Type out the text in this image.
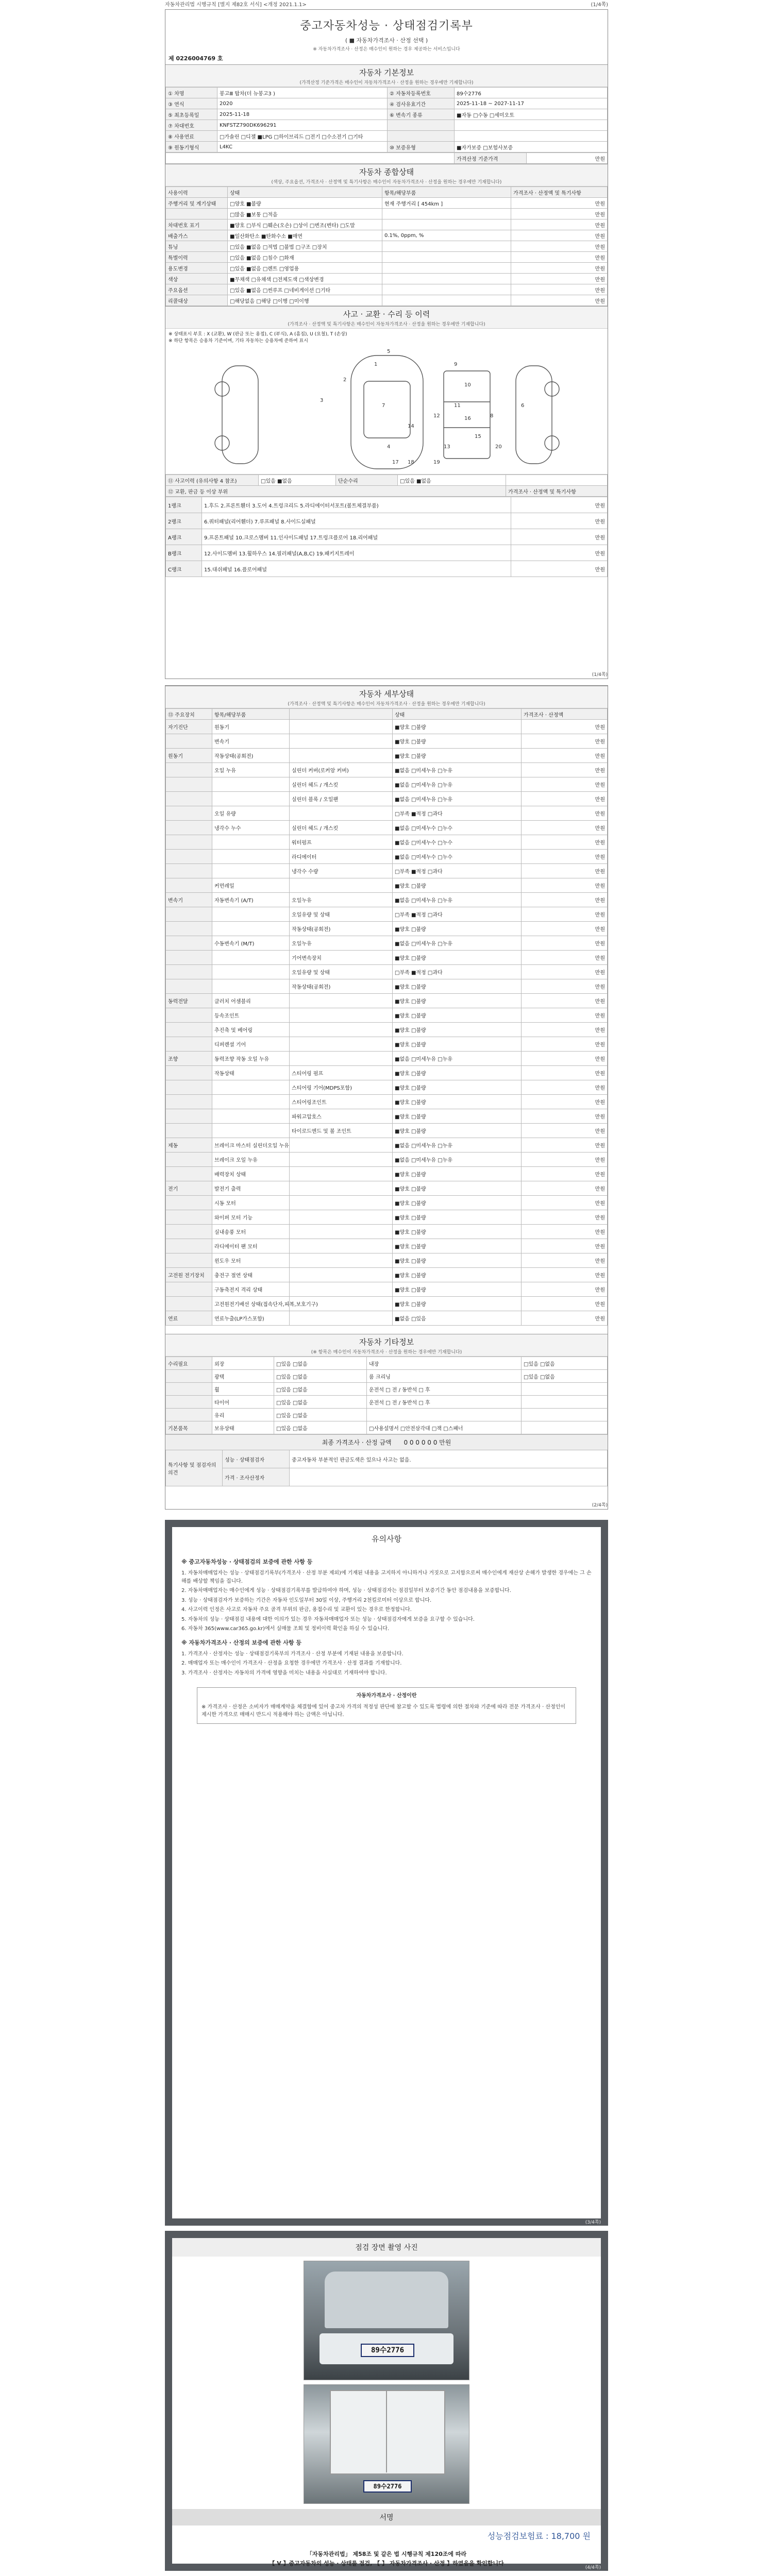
자동차관리법 시행규칙 [별지 제82호 서식] <개정 2021.1.1>	(1/4쪽)
중고자동차성능 · 상태점검기록부
( ■ 자동차가격조사 · 산정 선택 )
※ 자동차가격조사 · 산정은 매수인이 원하는 경우 제공하는 서비스입니다
제 0226004769 호
자동차 기본정보
(가격산정 기준가격은 매수인이 자동차가격조사 · 산정을 원하는 경우에만 기재합니다)
① 차명	봉고Ⅲ 탑차(더 뉴봉고3 )	② 자동차등록번호	89수2776
③ 연식	2020	④ 검사유효기간	2025-11-18 ~ 2027-11-17
⑤ 최초등록일	2025-11-18	⑥ 변속기 종류	■자동 □수동 □세미오토
⑦ 차대번호	KNFSTZ790DK696291		
⑧ 사용연료	□가솔린 □디젤 ■LPG □하이브리드 □전기 □수소전기 □기타		
⑨ 원동기형식	L4KC	⑩ 보증유형	■자가보증 □보험사보증
	가격산정 기준가격	만원
자동차 종합상태
(색상, 주요옵션, 가격조사 · 산정액 및 특기사항은 매수인이 자동차가격조사 · 산정을 원하는 경우에만 기재합니다)
사용이력	상태	항목/해당부품	가격조사 · 산정액 및 특기사항
주행거리 및 계기상태	□양호 ■불량	현재 주행거리 [ 454km ]	만원
	□많음 ■보통 □적음		만원
차대번호 표기	■양호 □부식 □훼손(오손) □상이 □변조(변타) □도말		만원
배출가스	■일산화탄소 ■탄화수소 ■매연	0.1%, 0ppm, %	만원
튜닝	□있음 ■없음 □적법 □불법 □구조 □장치		만원
특별이력	□있음 ■없음 □침수 □화재		만원
용도변경	□있음 ■없음 □렌트 □영업용		만원
색상	■무채색 □유채색 □전체도색 □색상변경		만원
주요옵션	□있음 ■없음 □썬루프 □네비게이션 □기타		만원
리콜대상	□해당없음 □해당 □이행 □미이행		만원
사고 · 교환 · 수리 등 이력
(가격조사 · 산정액 및 특기사항은 매수인이 자동차가격조사 · 산정을 원하는 경우에만 기재합니다)
※ 상태표시 부호 : X (교환), W (판금 또는 용접), C (부식), A (흠집), U (요철), T (손상)
※ 하단 항목은 승용차 기준이며, 기타 자동차는 승용차에 준하여 표시
1
2
3
4
5
6
7
8
9
10
11
12
13
14
15
16
17 18	19
20
⑪ 사고이력 (유의사항 4 참조)	□있음 ■없음	단순수리	□있음 ■없음	
⑫ 교환, 판금 등 이상 부위				가격조사 · 산정액 및 특기사항
1랭크	1.후드 2.프론트휀더 3.도어 4.트렁크리드 5.라디에이터서포트(볼트체결부품)	만원
2랭크	6.쿼터패널(리어휀더) 7.루프패널 8.사이드실패널	만원
A랭크	9.프론트패널 10.크로스멤버 11.인사이드패널 17.트렁크플로어 18.리어패널	만원
B랭크	12.사이드멤버 13.휠하우스 14.필러패널(A,B,C) 19.패키지트레이	만원
C랭크	15.대쉬패널 16.플로어패널	만원
(1/4쪽)
자동차 세부상태
(가격조사 · 산정액 및 특기사항은 매수인이 자동차가격조사 · 산정을 원하는 경우에만 기재합니다)
⑬ 주요장치	항목/해당부품		상태	가격조사 · 산정액
자기진단	원동기		■양호 □불량	만원
	변속기		■양호 □불량	만원
원동기	작동상태(공회전)		■양호 □불량	만원
	오일 누유	실린더 커버(로커암 커버)	■없음 □미세누유 □누유	만원
		실린더 헤드 / 개스킷	■없음 □미세누유 □누유	만원
		실린더 블록 / 오일팬	■없음 □미세누유 □누유	만원
	오일 유량		□부족 ■적정 □과다	만원
	냉각수 누수	실린더 헤드 / 개스킷	■없음 □미세누수 □누수	만원
		워터펌프	■없음 □미세누수 □누수	만원
		라디에이터	■없음 □미세누수 □누수	만원
		냉각수 수량	□부족 ■적정 □과다	만원
	커먼레일		■양호 □불량	만원
변속기	자동변속기 (A/T)	오일누유	■없음 □미세누유 □누유	만원
		오일유량 및 상태	□부족 ■적정 □과다	만원
		작동상태(공회전)	■양호 □불량	만원
	수동변속기 (M/T)	오일누유	■없음 □미세누유 □누유	만원
		기어변속장치	■양호 □불량	만원
		오일유량 및 상태	□부족 ■적정 □과다	만원
		작동상태(공회전)	■양호 □불량	만원
동력전달	클러치 어셈블리		■양호 □불량	만원
	등속조인트		■양호 □불량	만원
	추진축 및 베어링		■양호 □불량	만원
	디퍼렌셜 기어		■양호 □불량	만원
조향	동력조향 작동 오일 누유		■없음 □미세누유 □누유	만원
	작동상태	스티어링 펌프	■양호 □불량	만원
		스티어링 기어(MDPS포함)	■양호 □불량	만원
		스티어링조인트	■양호 □불량	만원
		파워고압호스	■양호 □불량	만원
		타이로드엔드 및 볼 조인트	■양호 □불량	만원
제동	브레이크 마스터 실린더오일 누유		■없음 □미세누유 □누유	만원
	브레이크 오일 누유		■없음 □미세누유 □누유	만원
	배력장치 상태		■양호 □불량	만원
전기	발전기 출력		■양호 □불량	만원
	시동 모터		■양호 □불량	만원
	와이퍼 모터 기능		■양호 □불량	만원
	실내송풍 모터		■양호 □불량	만원
	라디에이터 팬 모터		■양호 □불량	만원
	윈도우 모터		■양호 □불량	만원
고전원 전기장치	충전구 절연 상태		■양호 □불량	만원
	구동축전지 격리 상태		■양호 □불량	만원
	고전원전기배선 상태(접속단자,피복,보호기구)		■양호 □불량	만원
연료	연료누출(LP가스포함)		■없음 □있음	만원
자동차 기타정보
(※ 항목은 매수인이 자동차가격조사 · 산정을 원하는 경우에만 기재합니다)
수리필요	외장	□있음 □없음	내장	□있음 □없음
	광택	□있음 □없음	룸 크리닝	□있음 □없음
	휠	□있음 □없음	운전석 □ 전 / 동반석 □ 후	
	타이어	□있음 □없음	운전석 □ 전 / 동반석 □ 후	
	유리	□있음 □없음		
기본품목	보유상태	□있음 □없음	□사용설명서 □안전삼각대 □잭 □스패너	
최종 가격조사 · 산정 금액 0 0 0 0 0 0 만원
특기사항 및 점검자의 의견	성능 · 상태점검자	중고자동차 부분적인 판금도색은 있으나 사고는 없음.
	가격 · 조사산정자	
(2/4쪽)
유의사항
※ 중고자동차성능 · 상태점검의 보증에 관한 사항 등

1. 자동차매매업자는 성능 · 상태점검기록부(가격조사 · 산정 부분 제외)에 기재된 내용을 고지하지 아니하거나 거짓으로 고지함으로써 매수인에게 재산상 손해가 발생한 경우에는 그 손해를 배상할 책임을 집니다.

2. 자동차매매업자는 매수인에게 성능 · 상태점검기록부를 발급하여야 하며, 성능 · 상태점검자는 점검일부터 보증기간 동안 점검내용을 보증합니다.

3. 성능 · 상태점검자가 보증하는 기간은 자동차 인도일부터 30일 이상, 주행거리 2천킬로미터 이상으로 합니다.

4. 사고이력 인정은 사고로 자동차 주요 골격 부위의 판금, 용접수리 및 교환이 있는 경우로 한정합니다.

5. 자동차의 성능 · 상태점검 내용에 대한 이의가 있는 경우 자동차매매업자 또는 성능 · 상태점검자에게 보증을 요구할 수 있습니다.

6. 자동차 365(www.car365.go.kr)에서 실매물 조회 및 정비이력 확인을 하실 수 있습니다.

※ 자동차가격조사 · 산정의 보증에 관한 사항 등

1. 가격조사 · 산정자는 성능 · 상태점검기록부의 가격조사 · 산정 부분에 기재된 내용을 보증합니다.

2. 매매업자 또는 매수인이 가격조사 · 산정을 요청한 경우에만 가격조사 · 산정 결과를 기재합니다.

3. 가격조사 · 산정자는 자동차의 가격에 영향을 미치는 내용을 사실대로 기재하여야 합니다.

자동차가격조사 · 산정이란
※ 가격조사 · 산정은 소비자가 매매계약을 체결함에 있어 중고차 가격의 적정성 판단에 참고할 수 있도록 법령에 의한 절차와 기준에 따라 전문 가격조사 · 산정인이 제시한 가격으로 매매시 반드시 적용해야 하는 금액은 아닙니다.
(3/4쪽)
점검 장면 촬영 사진
89수2776
89수2776
서명
성능점검보험료 : 18,700 원
「자동차관리법」 제58조 및 같은 법 시행규칙 제120조에 따라
【 V 】중고자동차의 성능 · 상태를 점검, 【 】 자동차가격조사 · 산정 】하였음을 확인합니다
(4/4쪽)
